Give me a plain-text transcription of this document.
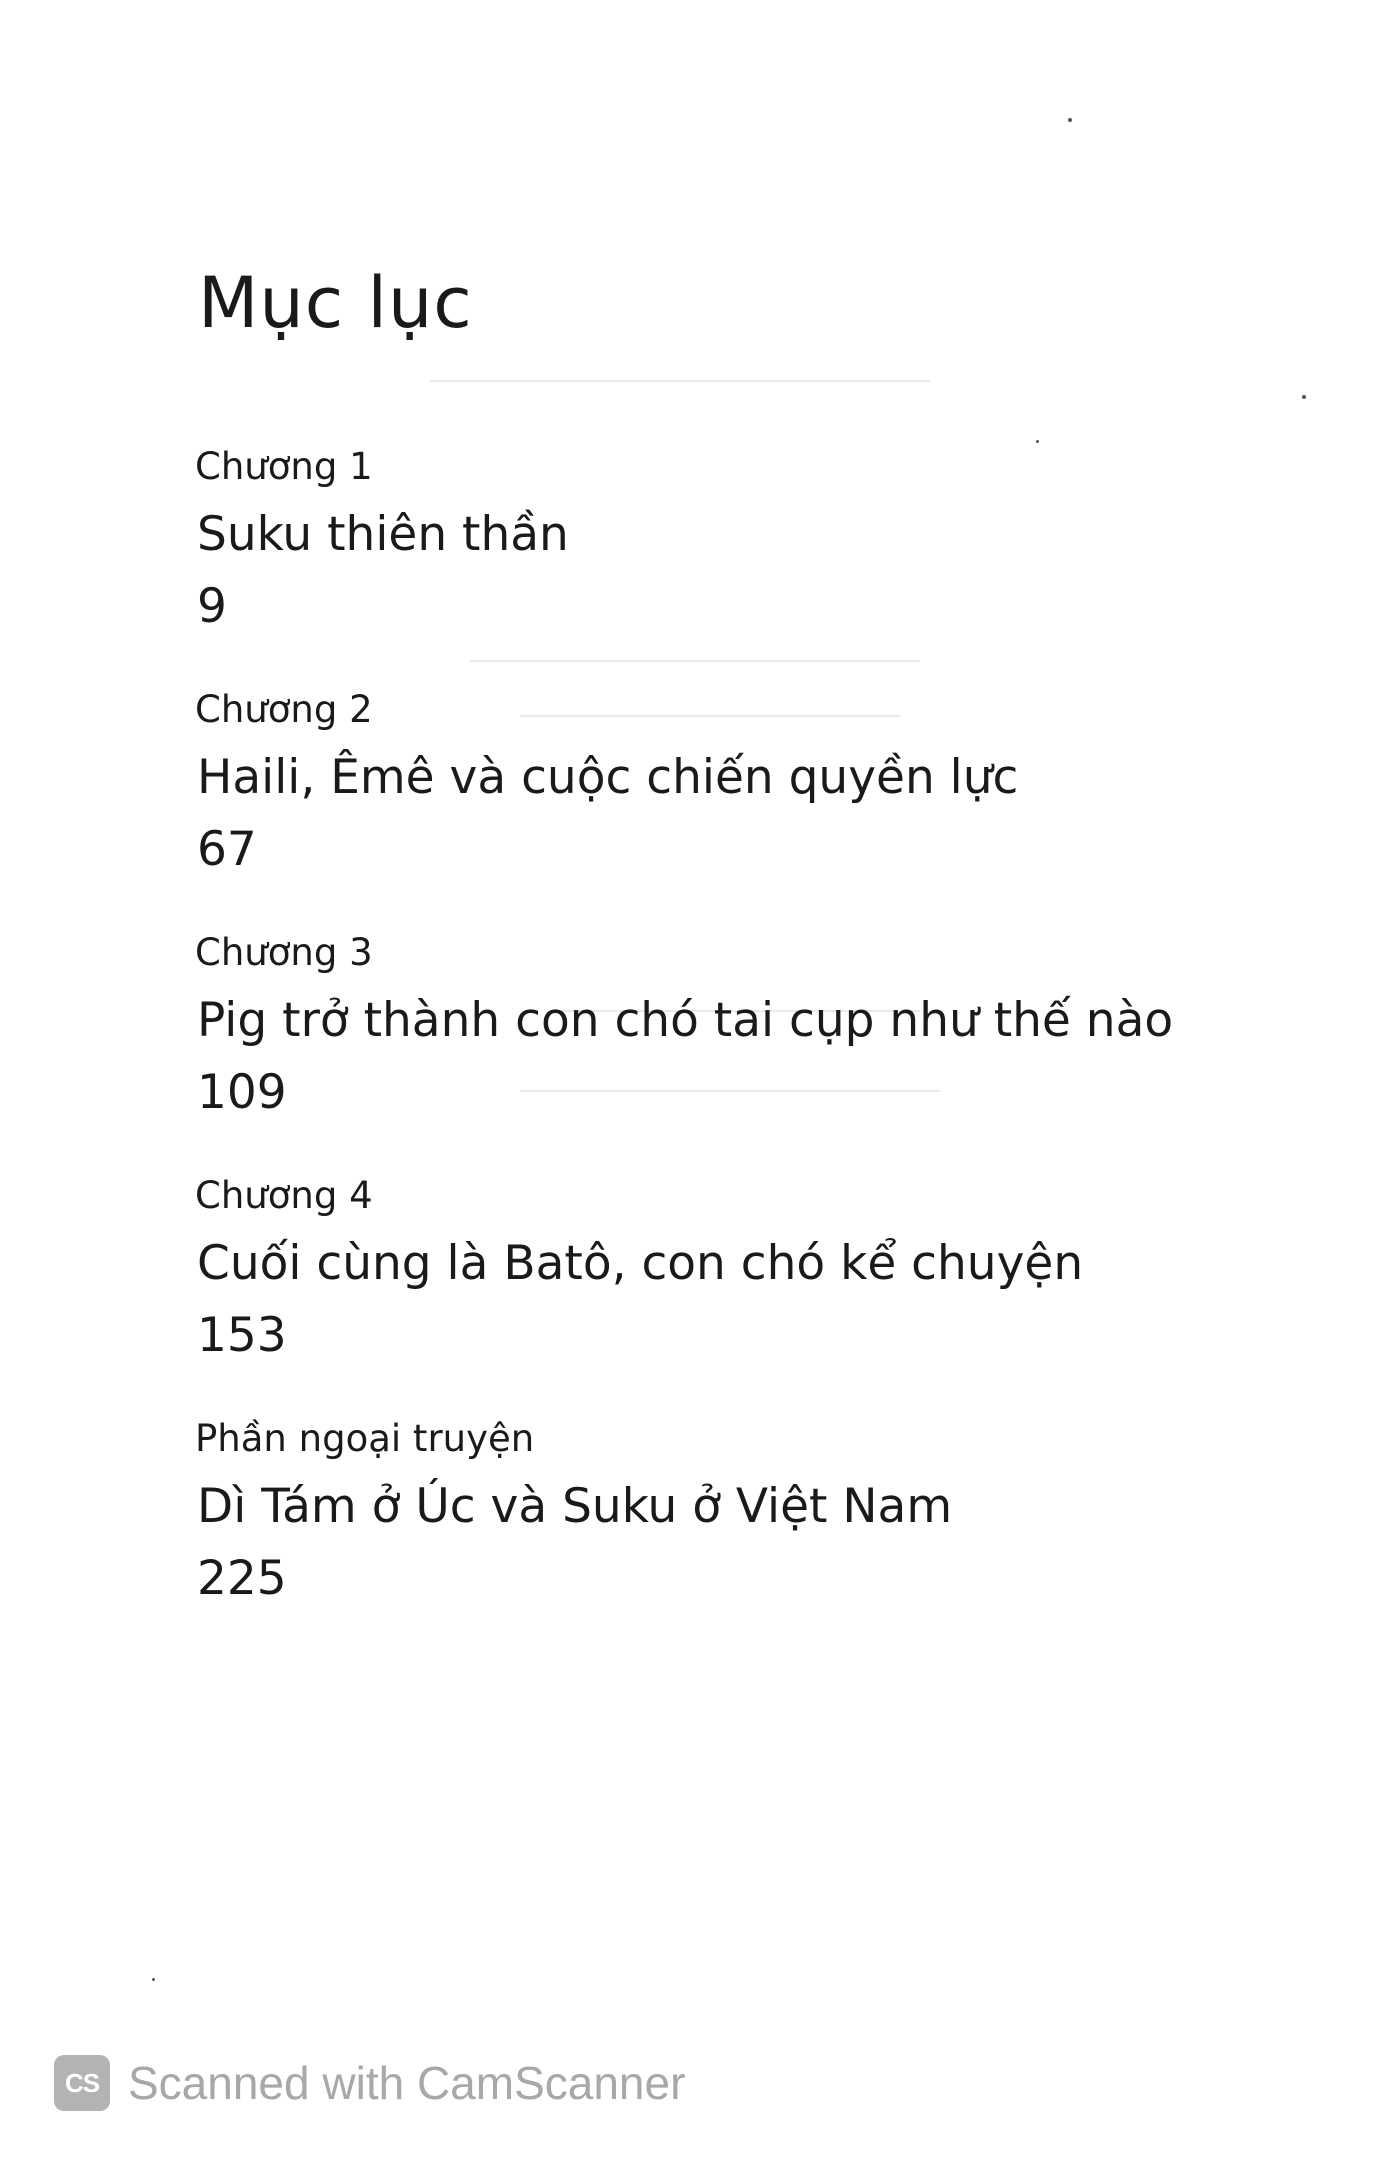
Mục lục
Chương 1
Suku thiên thần
9
Chương 2
Haili, Êmê và cuộc chiến quyền lực
67
Chương 3
Pig trở thành con chó tai cụp như thế nào
109
Chương 4
Cuối cùng là Batô, con chó kể chuyện
153
Phần ngoại truyện
Dì Tám ở Úc và Suku ở Việt Nam
225
CS Scanned with CamScanner
